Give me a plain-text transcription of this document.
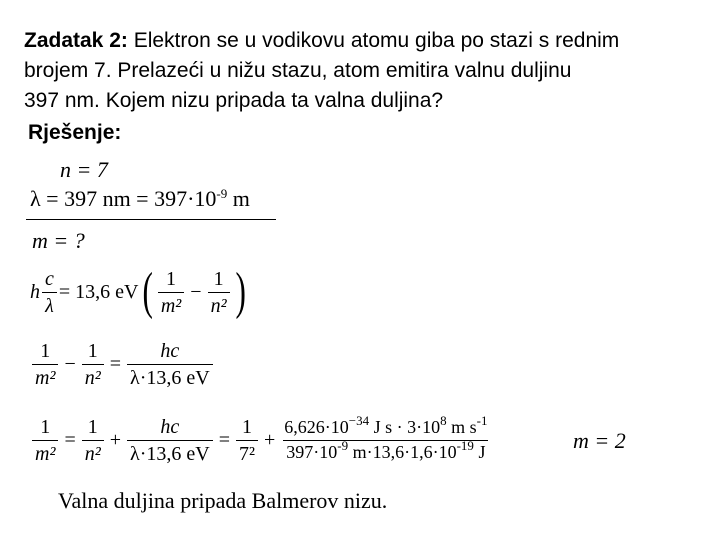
Zadatak 2: Elektron se u vodikovu atomu giba po stazi s rednim
brojem 7. Prelazeći u nižu stazu, atom emitira valnu duljinu
397 nm. Kojem nizu pripada ta valna duljina?
Rješenje:
n = 7
λ = 397 nm = $397\cdot 10^{-9}$ m
m = ?
h $\frac{c}{\lambda} = 13,6$ eV ( $\frac{1}{\text{m²}} - \frac{1}{\text{n²}}$ )
$\frac{1}{\text{m²}} - \frac{1}{\text{n²}} = \frac{hc}{\lambda\cdot 13,6 eV}$
$\frac{1}{\text{m²}} = \frac{1}{\text{n²}} + \frac{hc}{\lambda\cdot 13,6 eV} = \frac{1}{\text{7²}} + \frac{6,626\cdot 10^{-34} J s \cdot 3\cdot 10^8 m s^{-1}}{397\cdot 10^{-9} m\cdot 13,6\cdot 1,6\cdot 10^{-19} J}$	m = 2
Valna duljina pripada Balmerov nizu.
